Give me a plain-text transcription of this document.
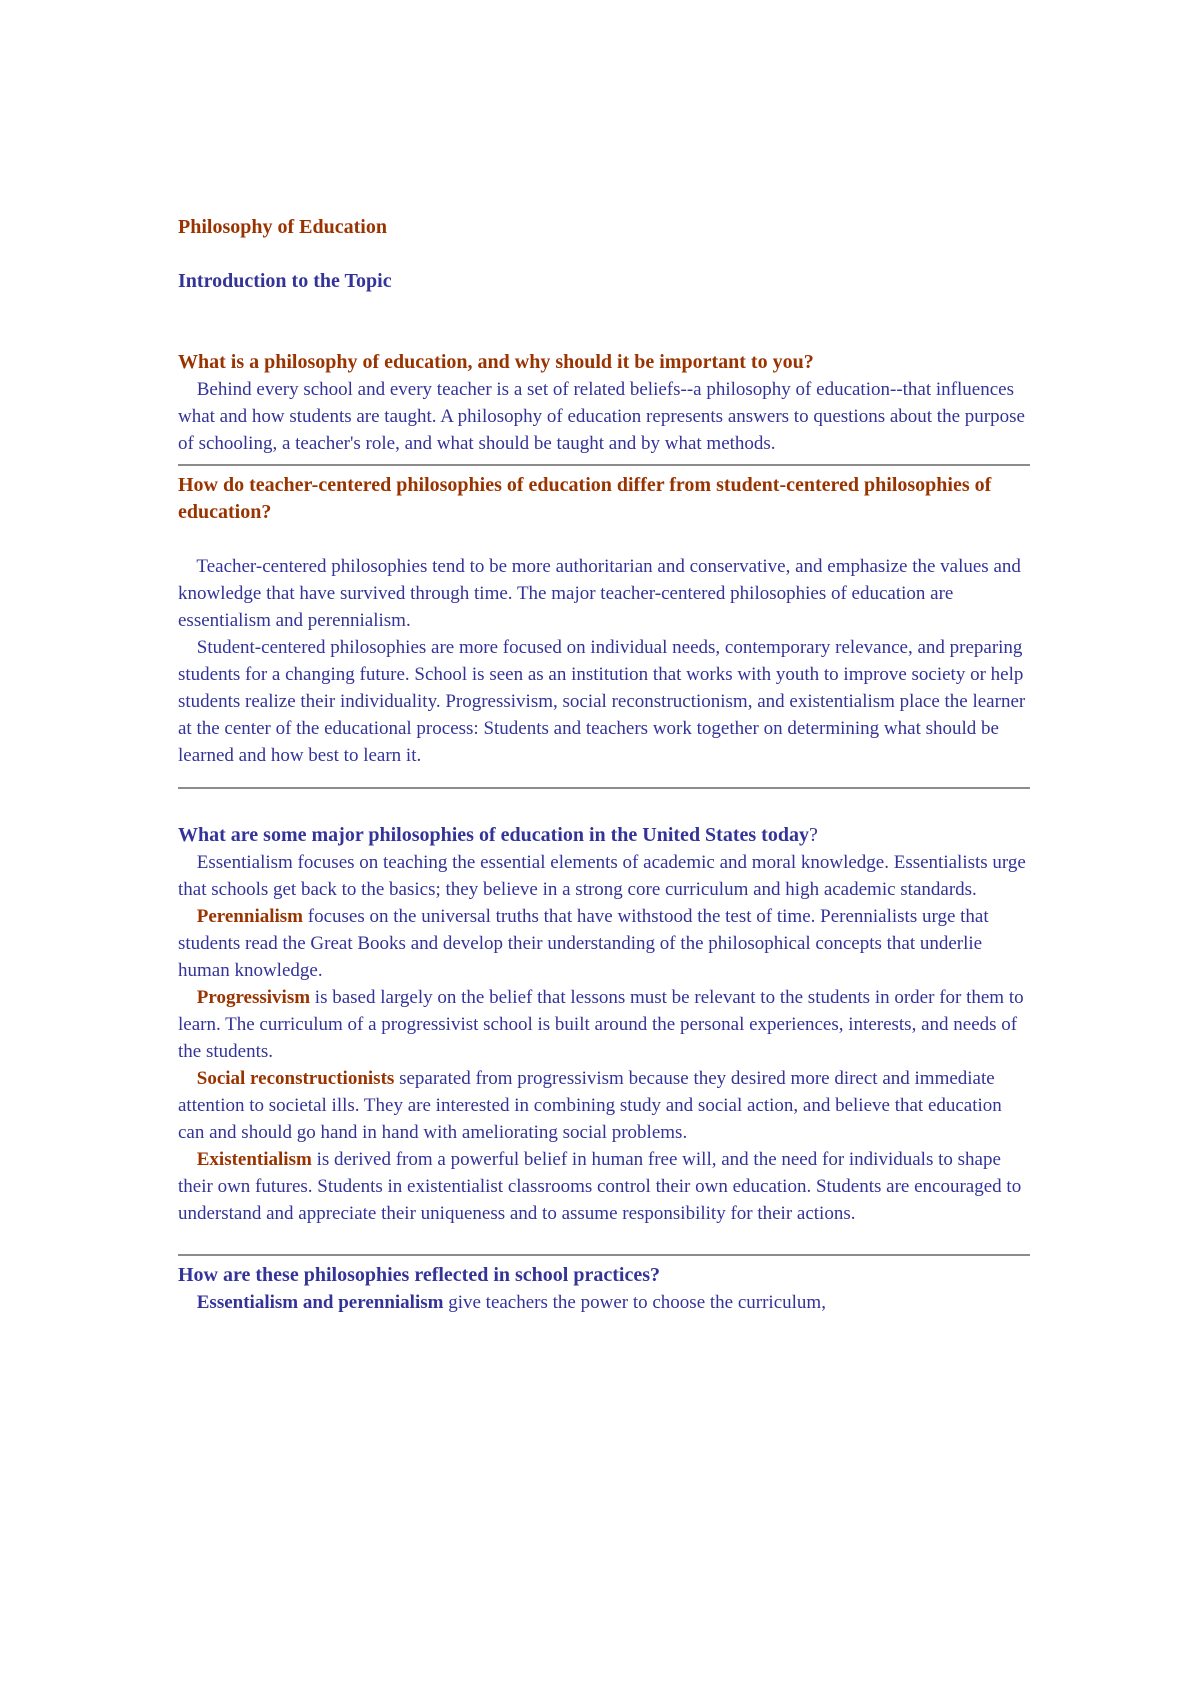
Philosophy of Education

Introduction to the Topic

What is a philosophy of education, and why should it be important to you?

Behind every school and every teacher is a set of related beliefs--a philosophy of education--that influences what and how students are taught. A philosophy of education represents answers to questions about the purpose of schooling, a teacher's role, and what should be taught and by what methods.

How do teacher-centered philosophies of education differ from student-centered philosophies of education?

Teacher-centered philosophies tend to be more authoritarian and conservative, and emphasize the values and knowledge that have survived through time. The major teacher-centered philosophies of education are essentialism and perennialism.

Student-centered philosophies are more focused on individual needs, contemporary relevance, and preparing students for a changing future. School is seen as an institution that works with youth to improve society or help students realize their individuality. Progressivism, social reconstructionism, and existentialism place the learner at the center of the educational process: Students and teachers work together on determining what should be learned and how best to learn it.

What are some major philosophies of education in the United States today?

Essentialism focuses on teaching the essential elements of academic and moral knowledge. Essentialists urge that schools get back to the basics; they believe in a strong core curriculum and high academic standards.

Perennialism focuses on the universal truths that have withstood the test of time. Perennialists urge that students read the Great Books and develop their understanding of the philosophical concepts that underlie human knowledge.

Progressivism is based largely on the belief that lessons must be relevant to the students in order for them to learn. The curriculum of a progressivist school is built around the personal experiences, interests, and needs of the students.

Social reconstructionists separated from progressivism because they desired more direct and immediate attention to societal ills. They are interested in combining study and social action, and believe that education can and should go hand in hand with ameliorating social problems.

Existentialism is derived from a powerful belief in human free will, and the need for individuals to shape their own futures. Students in existentialist classrooms control their own education. Students are encouraged to understand and appreciate their uniqueness and to assume responsibility for their actions.

How are these philosophies reflected in school practices?

Essentialism and perennialism give teachers the power to choose the curriculum,
